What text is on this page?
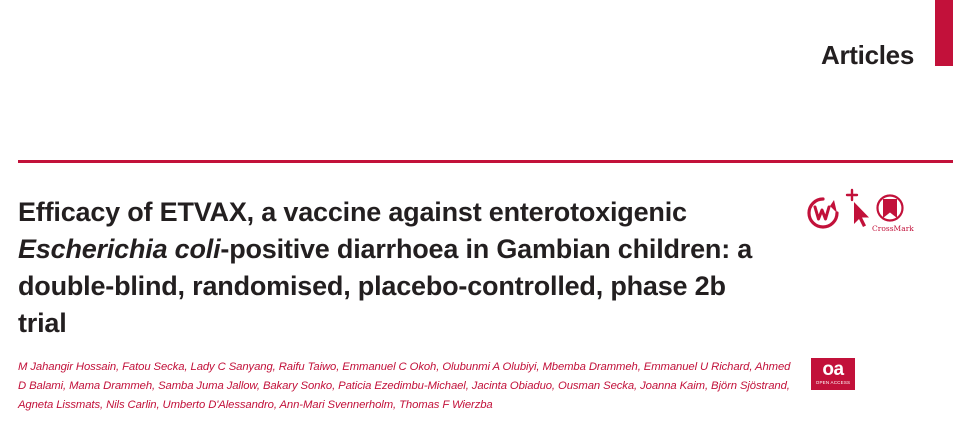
Articles
Efficacy of ETVAX, a vaccine against enterotoxigenic
Escherichia coli-positive diarrhoea in Gambian children: a double-blind, randomised, placebo-controlled, phase 2b trial
CrossMark

M Jahangir Hossain, Fatou Secka, Lady C Sanyang, Raifu Taiwo, Emmanuel C Okoh, Olubunmi A Olubiyi, Mbemba Drammeh, Emmanuel U Richard, Ahmed D Balami, Mama Drammeh, Samba Juma Jallow, Bakary Sonko, Paticia Ezedimbu-Michael, Jacinta Obiaduo, Ousman Secka, Joanna Kaim, Björn Sjöstrand, Agneta Lissmats, Nils Carlin, Umberto D'Alessandro, Ann-Mari Svennerholm, Thomas F Wierzba

oa
OPEN ACCESS
